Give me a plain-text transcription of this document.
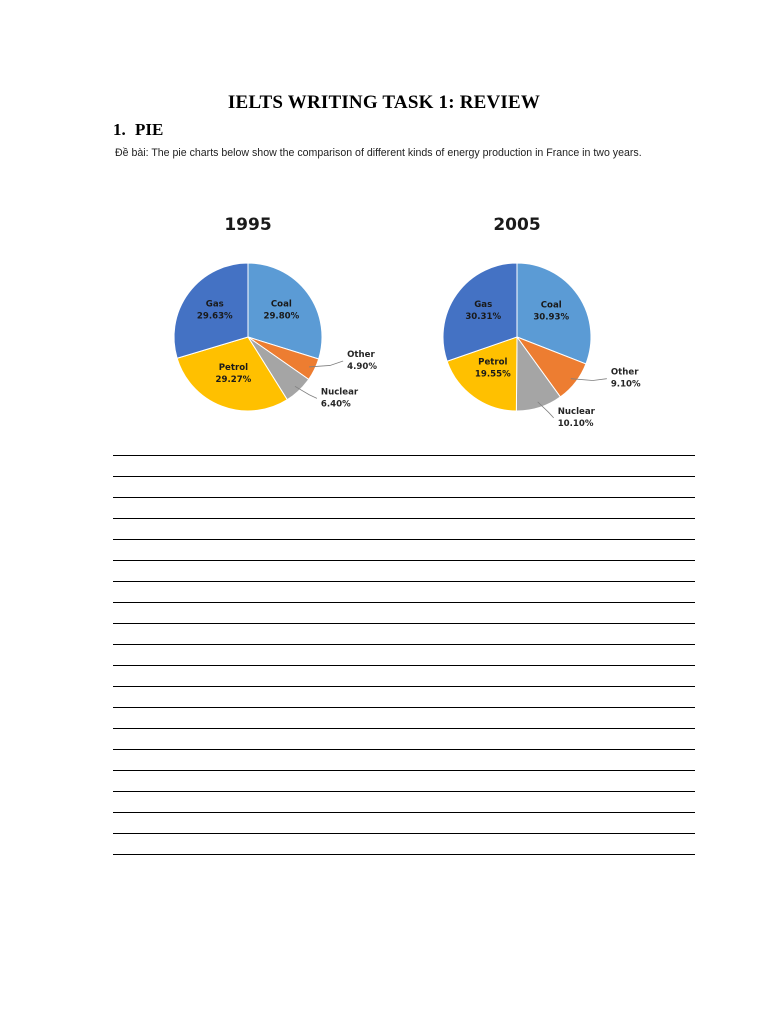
IELTS WRITING TASK 1: REVIEW
1. PIE
Đề bài: The pie charts below show the comparison of different kinds of energy production in France in two years.
1995
Coal
29.80%
Other
4.90%
Nuclear
6.40%
Petrol
29.27%
Gas
29.63%
2005
Coal
30.93%
Other
9.10%
Nuclear
10.10%
Petrol
19.55%
Gas
30.31%
